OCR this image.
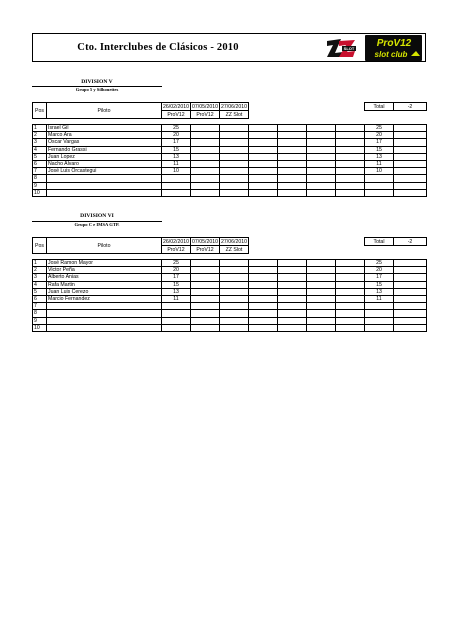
Cto. Interclubes de Clásicos - 2010	SLOT ProV12
slot club
DIVISION V
Grupo 5 y Silhouettes
Pos	Piloto	26/02/2010	07/05/2010	27/06/2010					Total	-2
		ProV12	ProV12	ZZ Slot						
1	Israel Gil	25							25	
2	Marco Ara	20							20	
3	Oscar Vargas	17							17	
4	Fernando Grassi	15							15	
5	Juan Lopez	13							13	
6	Nacho Alvaro	11							11	
7	José Luis Orcastegui	10							10	
8										
9										
10										
DIVISION VI
Grupo C e IMSA GTP.
Pos	Piloto	26/02/2010	07/05/2010	27/06/2010					Total	-2
		ProV12	ProV12	ZZ Slot						
1	José Ramon Mayor	25							25	
2	Victor Peña	20							20	
3	Alberto Anias	17							17	
4	Rafa Martin	15							15	
5	Juan Luis Cerezo	13							13	
6	Marcio Fernandez	11							11	
7										
8										
9										
10										
